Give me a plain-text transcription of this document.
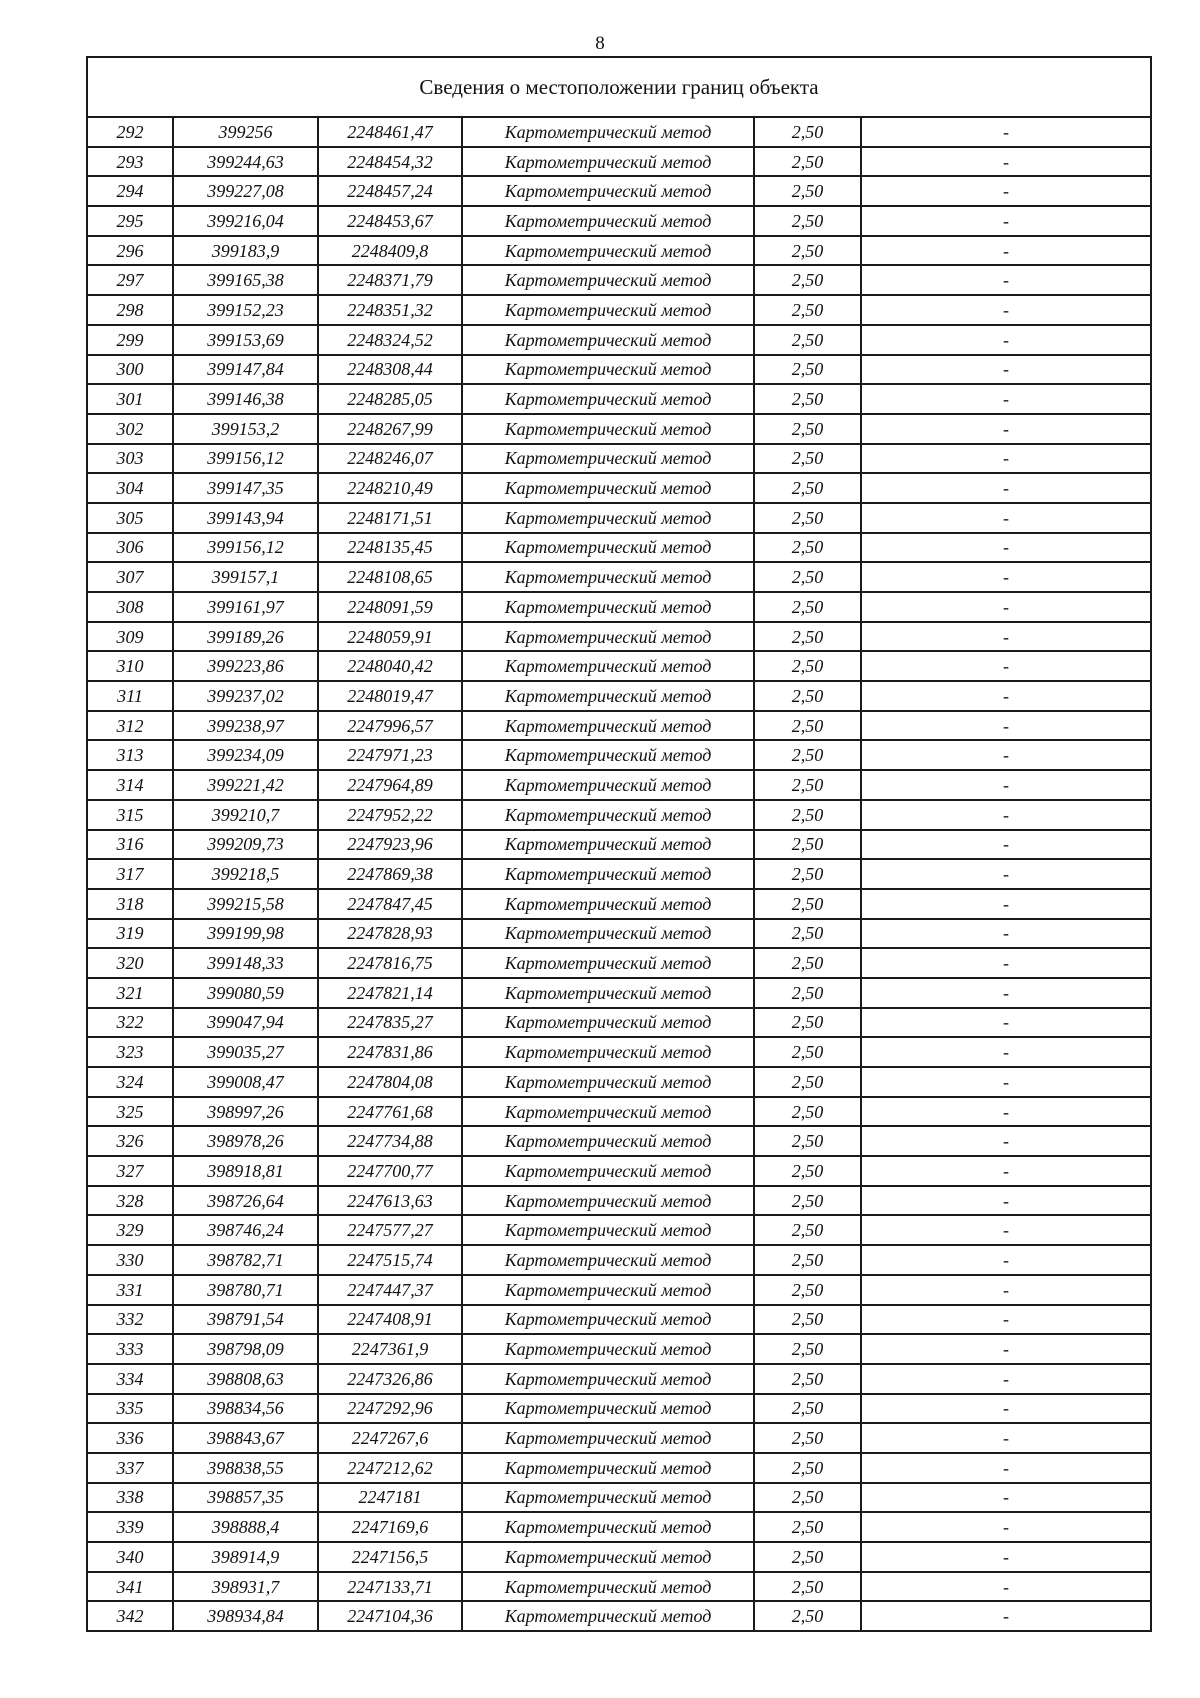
8
Сведения о местоположении границ объекта					
292	399256	2248461,47	Картометрический метод	2,50	-
293	399244,63	2248454,32	Картометрический метод	2,50	-
294	399227,08	2248457,24	Картометрический метод	2,50	-
295	399216,04	2248453,67	Картометрический метод	2,50	-
296	399183,9	2248409,8	Картометрический метод	2,50	-
297	399165,38	2248371,79	Картометрический метод	2,50	-
298	399152,23	2248351,32	Картометрический метод	2,50	-
299	399153,69	2248324,52	Картометрический метод	2,50	-
300	399147,84	2248308,44	Картометрический метод	2,50	-
301	399146,38	2248285,05	Картометрический метод	2,50	-
302	399153,2	2248267,99	Картометрический метод	2,50	-
303	399156,12	2248246,07	Картометрический метод	2,50	-
304	399147,35	2248210,49	Картометрический метод	2,50	-
305	399143,94	2248171,51	Картометрический метод	2,50	-
306	399156,12	2248135,45	Картометрический метод	2,50	-
307	399157,1	2248108,65	Картометрический метод	2,50	-
308	399161,97	2248091,59	Картометрический метод	2,50	-
309	399189,26	2248059,91	Картометрический метод	2,50	-
310	399223,86	2248040,42	Картометрический метод	2,50	-
311	399237,02	2248019,47	Картометрический метод	2,50	-
312	399238,97	2247996,57	Картометрический метод	2,50	-
313	399234,09	2247971,23	Картометрический метод	2,50	-
314	399221,42	2247964,89	Картометрический метод	2,50	-
315	399210,7	2247952,22	Картометрический метод	2,50	-
316	399209,73	2247923,96	Картометрический метод	2,50	-
317	399218,5	2247869,38	Картометрический метод	2,50	-
318	399215,58	2247847,45	Картометрический метод	2,50	-
319	399199,98	2247828,93	Картометрический метод	2,50	-
320	399148,33	2247816,75	Картометрический метод	2,50	-
321	399080,59	2247821,14	Картометрический метод	2,50	-
322	399047,94	2247835,27	Картометрический метод	2,50	-
323	399035,27	2247831,86	Картометрический метод	2,50	-
324	399008,47	2247804,08	Картометрический метод	2,50	-
325	398997,26	2247761,68	Картометрический метод	2,50	-
326	398978,26	2247734,88	Картометрический метод	2,50	-
327	398918,81	2247700,77	Картометрический метод	2,50	-
328	398726,64	2247613,63	Картометрический метод	2,50	-
329	398746,24	2247577,27	Картометрический метод	2,50	-
330	398782,71	2247515,74	Картометрический метод	2,50	-
331	398780,71	2247447,37	Картометрический метод	2,50	-
332	398791,54	2247408,91	Картометрический метод	2,50	-
333	398798,09	2247361,9	Картометрический метод	2,50	-
334	398808,63	2247326,86	Картометрический метод	2,50	-
335	398834,56	2247292,96	Картометрический метод	2,50	-
336	398843,67	2247267,6	Картометрический метод	2,50	-
337	398838,55	2247212,62	Картометрический метод	2,50	-
338	398857,35	2247181	Картометрический метод	2,50	-
339	398888,4	2247169,6	Картометрический метод	2,50	-
340	398914,9	2247156,5	Картометрический метод	2,50	-
341	398931,7	2247133,71	Картометрический метод	2,50	-
342	398934,84	2247104,36	Картометрический метод	2,50	-
